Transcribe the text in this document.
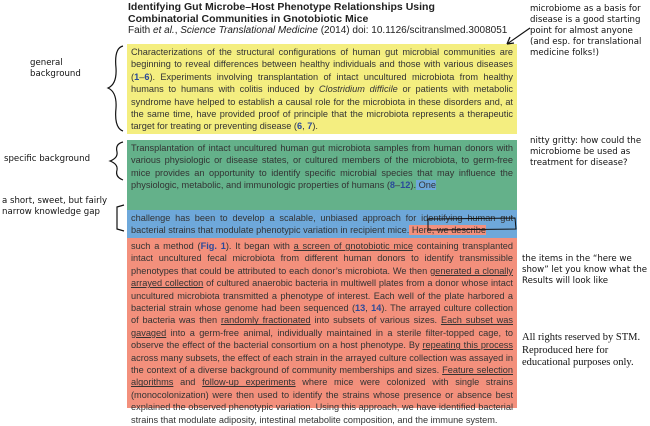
Identifying Gut Microbe–Host Phenotype Relationships Using Combinatorial Communities in Gnotobiotic Mice
Faith et al., Science Translational Medicine (2014) doi: 10.1126/scitranslmed.3008051
Characterizations of the structural configurations of human gut microbial communities are beginning to reveal differences between healthy individuals and those with various diseases (1–6). Experiments involving transplantation of intact uncultured microbiota from healthy humans to humans with colitis induced by Clostridium difficile or patients with metabolic syndrome have helped to establish a causal role for the microbiota in these disorders and, at the same time, have provided proof of principle that the microbiota represents a therapeutic target for treating or preventing disease (6, 7).
Transplantation of intact uncultured human gut microbiota samples from human donors with various physiologic or disease states, or cultured members of the microbiota, to germ-free mice provides an opportunity to identify specific microbial species that may influence the physiologic, metabolic, and immunologic properties of humans (8–12). One
challenge has been to develop a scalable, unbiased approach for identifying human gut bacterial strains that modulate phenotypic variation in recipient mice. Here, we describe
such a method (Fig. 1). It began with a screen of gnotobiotic mice containing transplanted intact uncultured fecal microbiota from different human donors to identify transmissible phenotypes that could be attributed to each donor’s microbiota. We then generated a clonally arrayed collection of cultured anaerobic bacteria in multiwell plates from a donor whose intact uncultured microbiota transmitted a phenotype of interest. Each well of the plate harbored a bacterial strain whose genome had been sequenced (13, 14). The arrayed culture collection of bacteria was then randomly fractionated into subsets of various sizes. Each subset was gavaged into a germ-free animal, individually maintained in a sterile filter-topped cage, to observe the effect of the bacterial consortium on a host phenotype. By repeating this process across many subsets, the effect of each strain in the arrayed culture collection was assayed in the context of a diverse background of community memberships and sizes. Feature selection algorithms and follow-up experiments where mice were colonized with single strains (monocolonization) were then used to identify the strains whose presence or absence best explained the observed phenotypic variation. Using this approach, we have identified bacterial strains that modulate adiposity, intestinal metabolite composition, and the immune system.
general background
specific background
a short, sweet, but fairly narrow knowledge gap
microbiome as a basis for disease is a good starting point for almost anyone (and esp. for translational medicine folks!)
nitty gritty: how could the microbiome be used as treatment for disease?
the items in the “here we show” let you know what the Results will look like
All rights reserved by STM. Reproduced here for educational purposes only.
